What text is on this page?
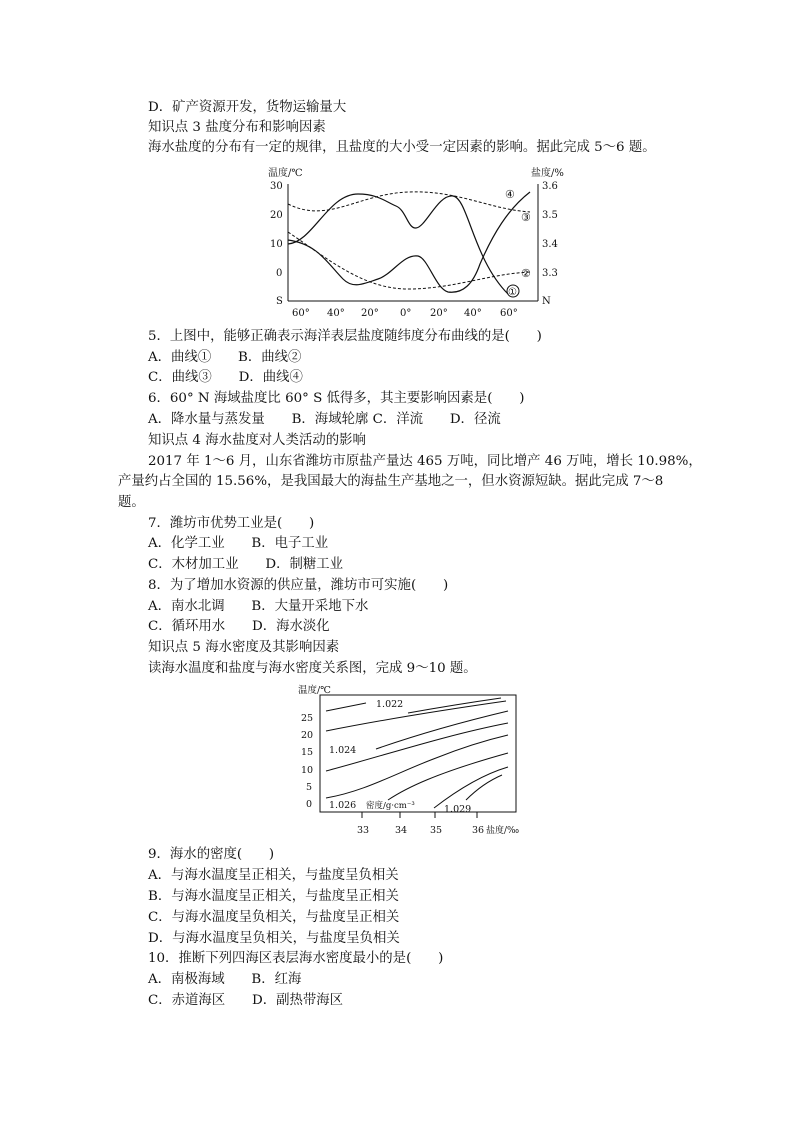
D．矿产资源开发，货物运输量大
知识点 3 盐度分布和影响因素
海水盐度的分布有一定的规律，且盐度的大小受一定因素的影响。据此完成 5～6 题。
温度/℃	盐度/%
30
20
10
0
S	N
3.6
3.5
3.4
3.3
60° 40° 20° 0° 20° 40° 60°
①
②
③
④
5．上图中，能够正确表示海洋表层盐度随纬度分布曲线的是(　　)
A．曲线①　　B．曲线②
C．曲线③　　D．曲线④
6．60° N 海域盐度比 60° S 低得多，其主要影响因素是(　　)
A．降水量与蒸发量　　B．海域轮廓 C．洋流　　D．径流
知识点 4 海水盐度对人类活动的影响
2017 年 1～6 月，山东省潍坊市原盐产量达 465 万吨，同比增产 46 万吨，增长 10.98%，
产量约占全国的 15.56%，是我国最大的海盐生产基地之一，但水资源短缺。据此完成 7～8
题。
7．潍坊市优势工业是(　　)
A．化学工业　　B．电子工业
C．木材加工业　　D．制糖工业
8．为了增加水资源的供应量，潍坊市可实施(　　)
A．南水北调　　B．大量开采地下水
C．循环用水　　D．海水淡化
知识点 5 海水密度及其影响因素
读海水温度和盐度与海水密度关系图，完成 9～10 题。
温度/℃
25
20
15
10
5
0
33	34 35	36 盐度/‰
1.022
1.024
1.026	1.029
密度/g·cm⁻³
9．海水的密度(　　)
A．与海水温度呈正相关，与盐度呈负相关
B．与海水温度呈正相关，与盐度呈正相关
C．与海水温度呈负相关，与盐度呈正相关
D．与海水温度呈负相关，与盐度呈负相关
10．推断下列四海区表层海水密度最小的是(　　)
A．南极海域　　B．红海
C．赤道海区　　D．副热带海区
